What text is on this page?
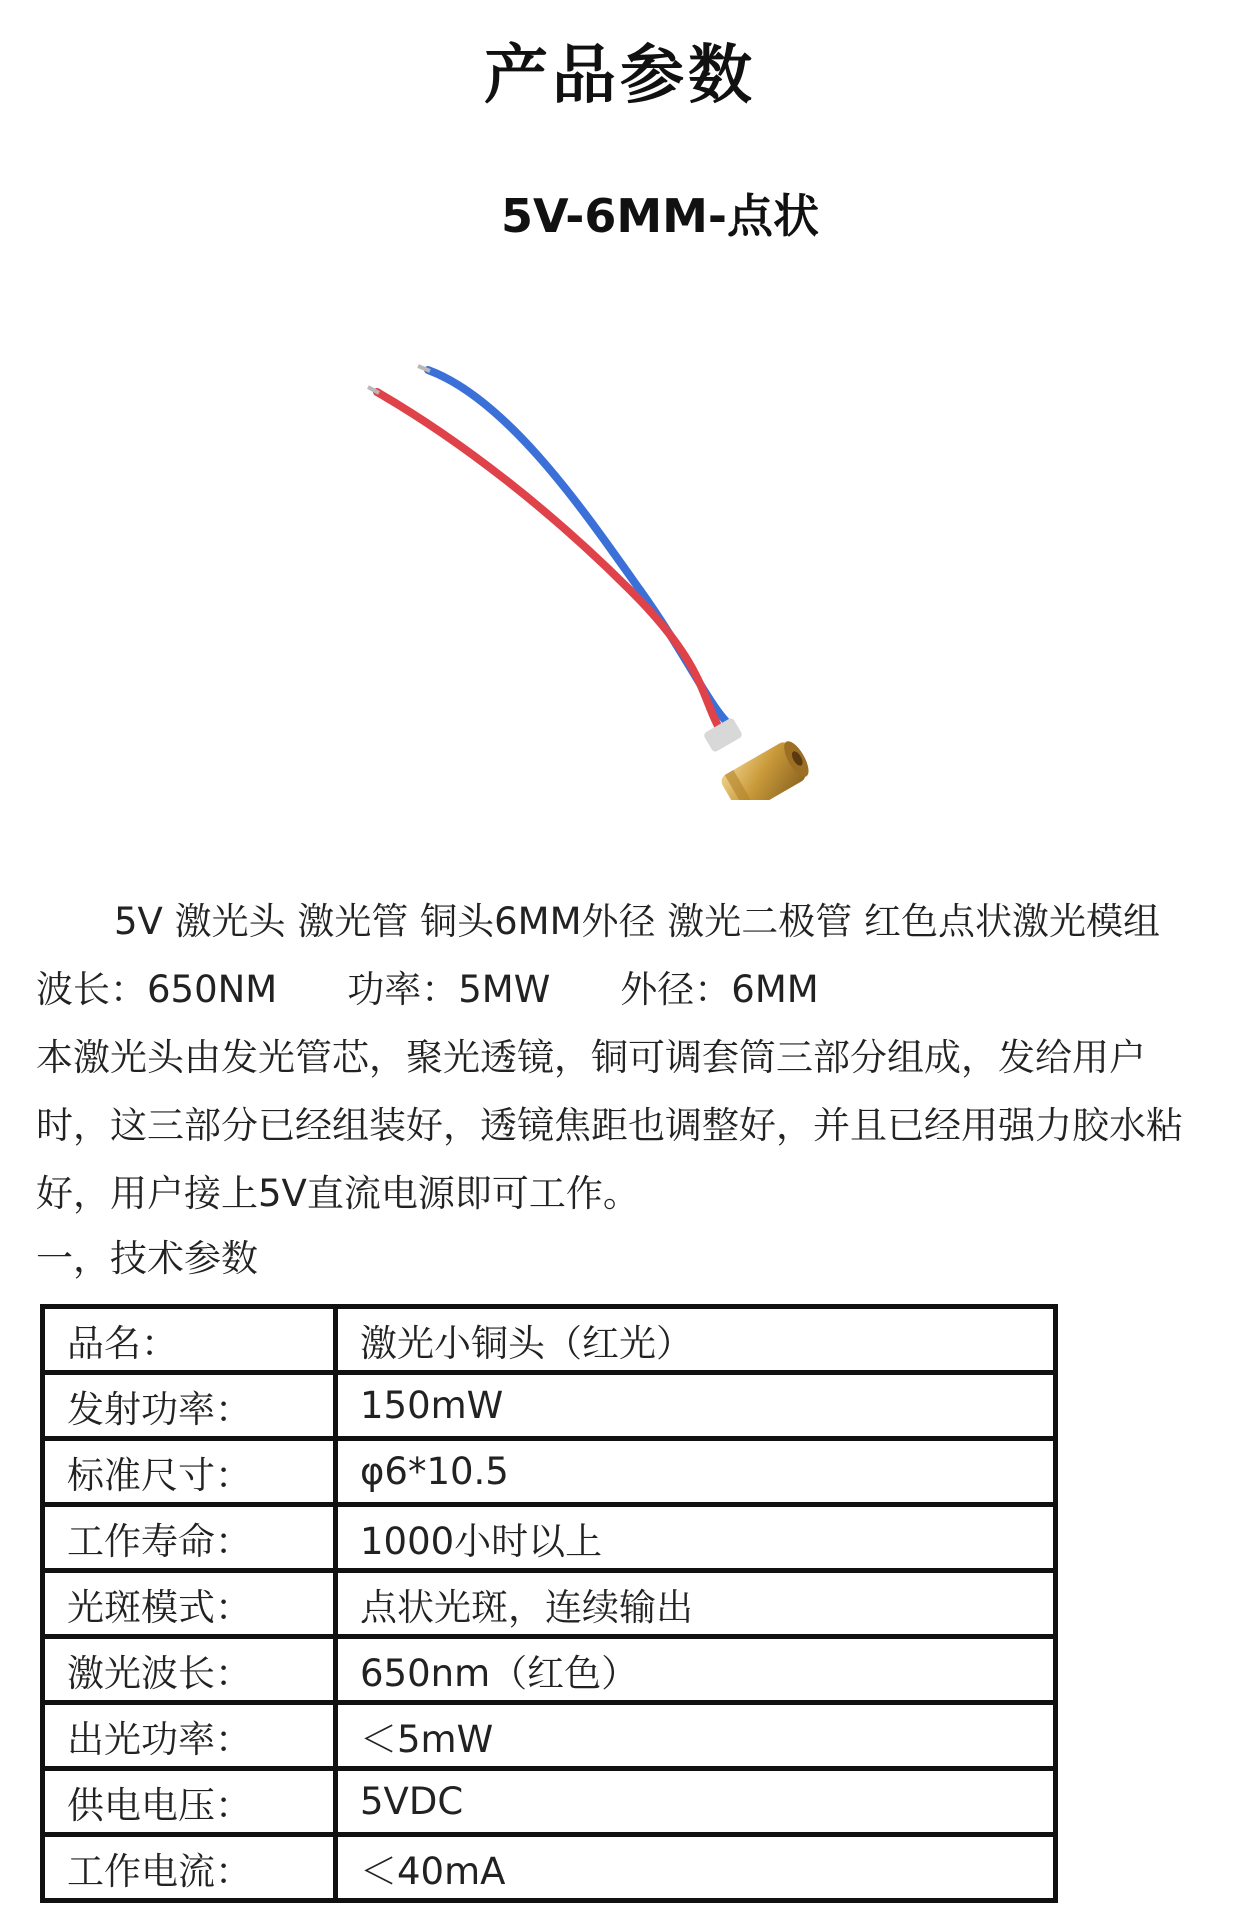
产品参数
5V-6MM-点状

5V 激光头 激光管 铜头6MM外径 激光二极管 红色点状激光模组

波长：650NM 功率：5MW 外径：6MM

本激光头由发光管芯，聚光透镜，铜可调套筒三部分组成，发给用户时，这三部分已经组装好，透镜焦距也调整好，并且已经用强力胶水粘好，用户接上5V直流电源即可工作。

一，技术参数
品名：	激光小铜头（红光）
发射功率：	150mW
标准尺寸：	φ6*10.5
工作寿命：	1000小时以上
光斑模式：	点状光斑，连续输出
激光波长：	650nm（红色）
出光功率：	＜5mW
供电电压：	5VDC
工作电流：	＜40mA
